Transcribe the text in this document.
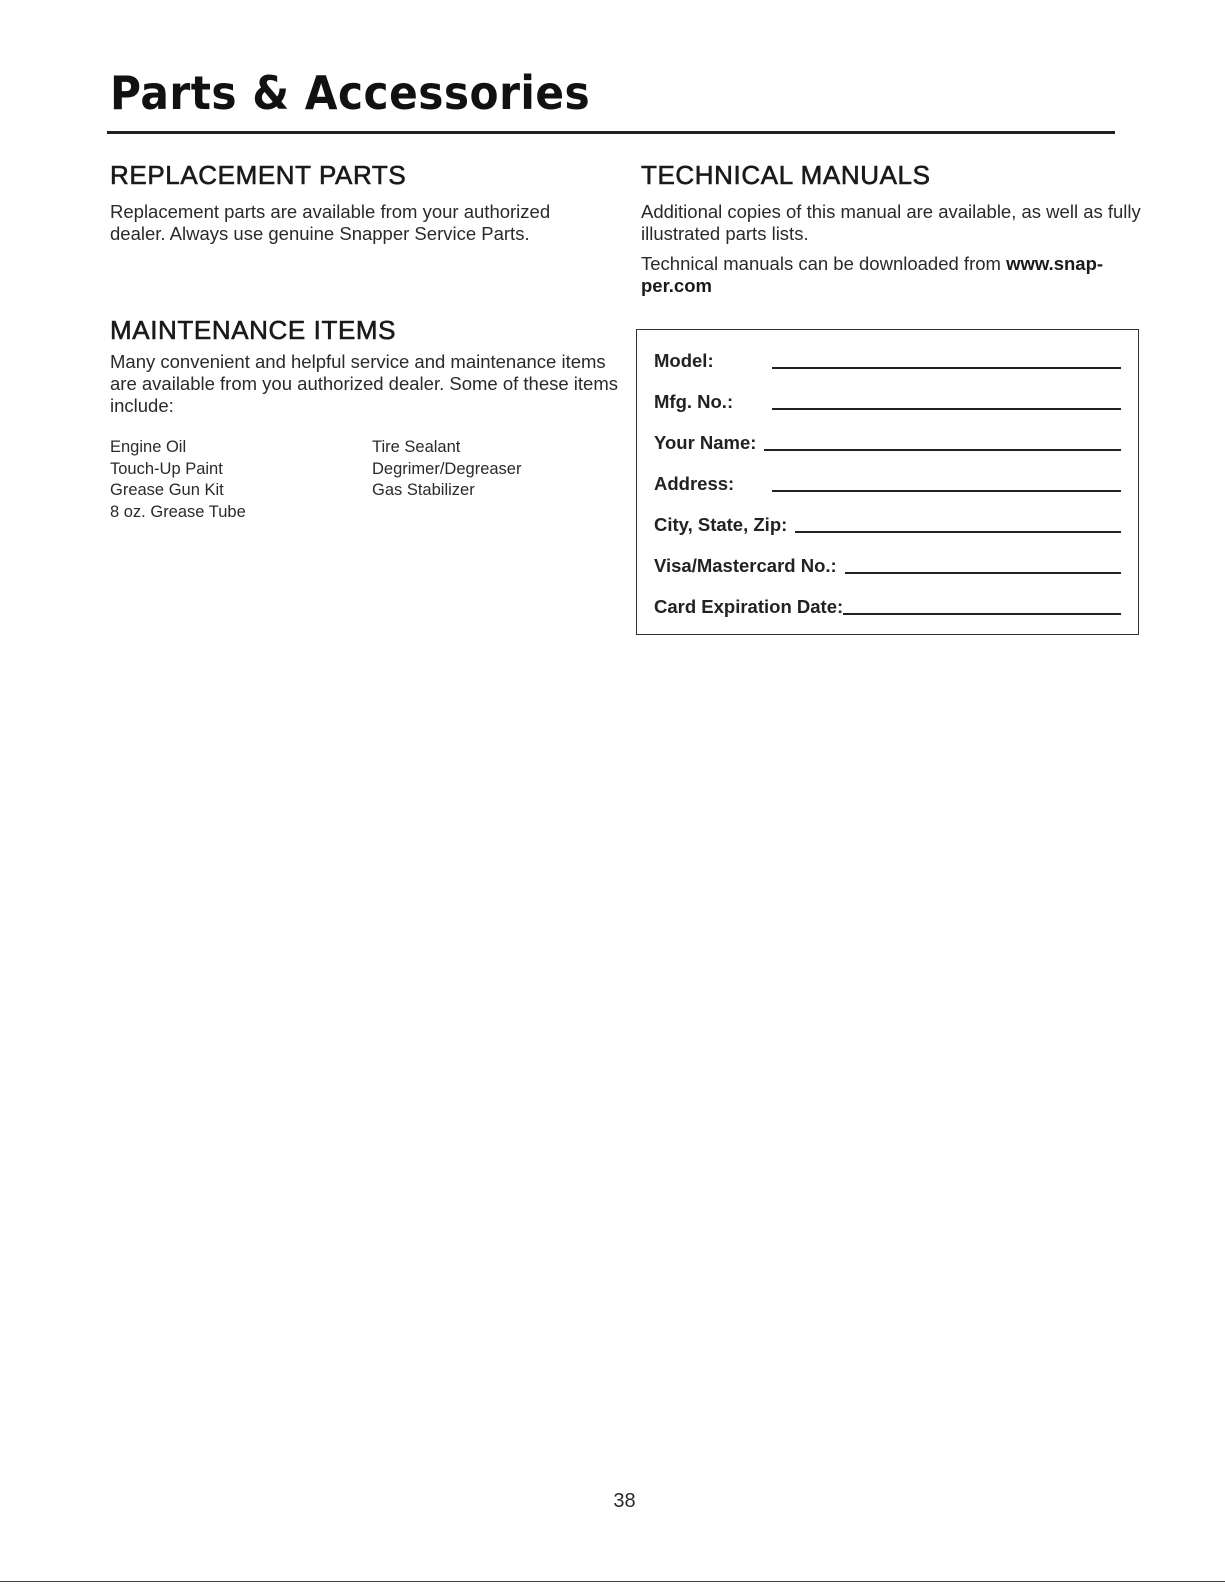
Parts & Accessories
REPLACEMENT PARTS

Replacement parts are available from your authorized dealer. Always use genuine Snapper Service Parts.

MAINTENANCE ITEMS

Many convenient and helpful service and maintenance items are available from you authorized dealer. Some of these items include:

Engine Oil
Touch-Up Paint
Grease Gun Kit
8 oz. Grease Tube
Tire Sealant
Degrimer/Degreaser
Gas Stabilizer
TECHNICAL MANUALS

Additional copies of this manual are available, as well as fully illustrated parts lists.

Technical manuals can be downloaded from www.snap-per.com

Model:
Mfg. No.:
Your Name:
Address:
City, State, Zip:
Visa/Mastercard No.:
Card Expiration Date:
38
